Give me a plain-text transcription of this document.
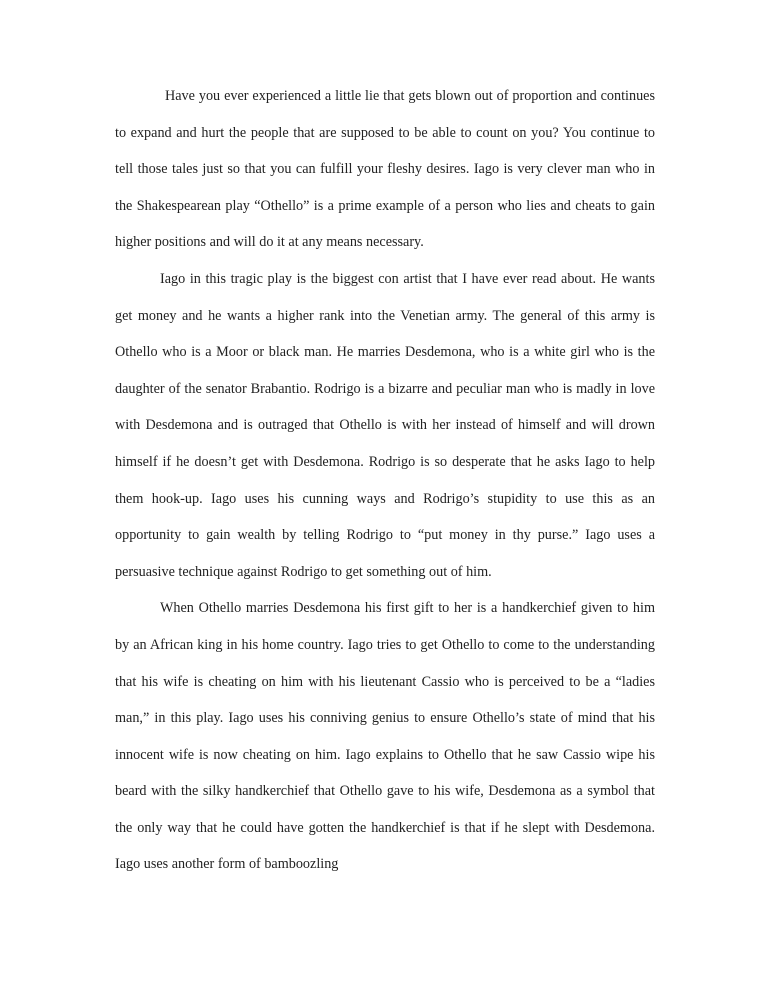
Have you ever experienced a little lie that gets blown out of proportion and continues to expand and hurt the people that are supposed to be able to count on you? You continue to tell those tales just so that you can fulfill your fleshy desires. Iago is very clever man who in the Shakespearean play “Othello” is a prime example of a person who lies and cheats to gain higher positions and will do it at any means necessary.

Iago in this tragic play is the biggest con artist that I have ever read about. He wants get money and he wants a higher rank into the Venetian army. The general of this army is Othello who is a Moor or black man. He marries Desdemona, who is a white girl who is the daughter of the senator Brabantio. Rodrigo is a bizarre and peculiar man who is madly in love with Desdemona and is outraged that Othello is with her instead of himself and will drown himself if he doesn’t get with Desdemona. Rodrigo is so desperate that he asks Iago to help them hook-up. Iago uses his cunning ways and Rodrigo’s stupidity to use this as an opportunity to gain wealth by telling Rodrigo to “put money in thy purse.” Iago uses a persuasive technique against Rodrigo to get something out of him.

When Othello marries Desdemona his first gift to her is a handkerchief given to him by an African king in his home country. Iago tries to get Othello to come to the understanding that his wife is cheating on him with his lieutenant Cassio who is perceived to be a “ladies man,” in this play. Iago uses his conniving genius to ensure Othello’s state of mind that his innocent wife is now cheating on him. Iago explains to Othello that he saw Cassio wipe his beard with the silky handkerchief that Othello gave to his wife, Desdemona as a symbol that the only way that he could have gotten the handkerchief is that if he slept with Desdemona. Iago uses another form of bamboozling
